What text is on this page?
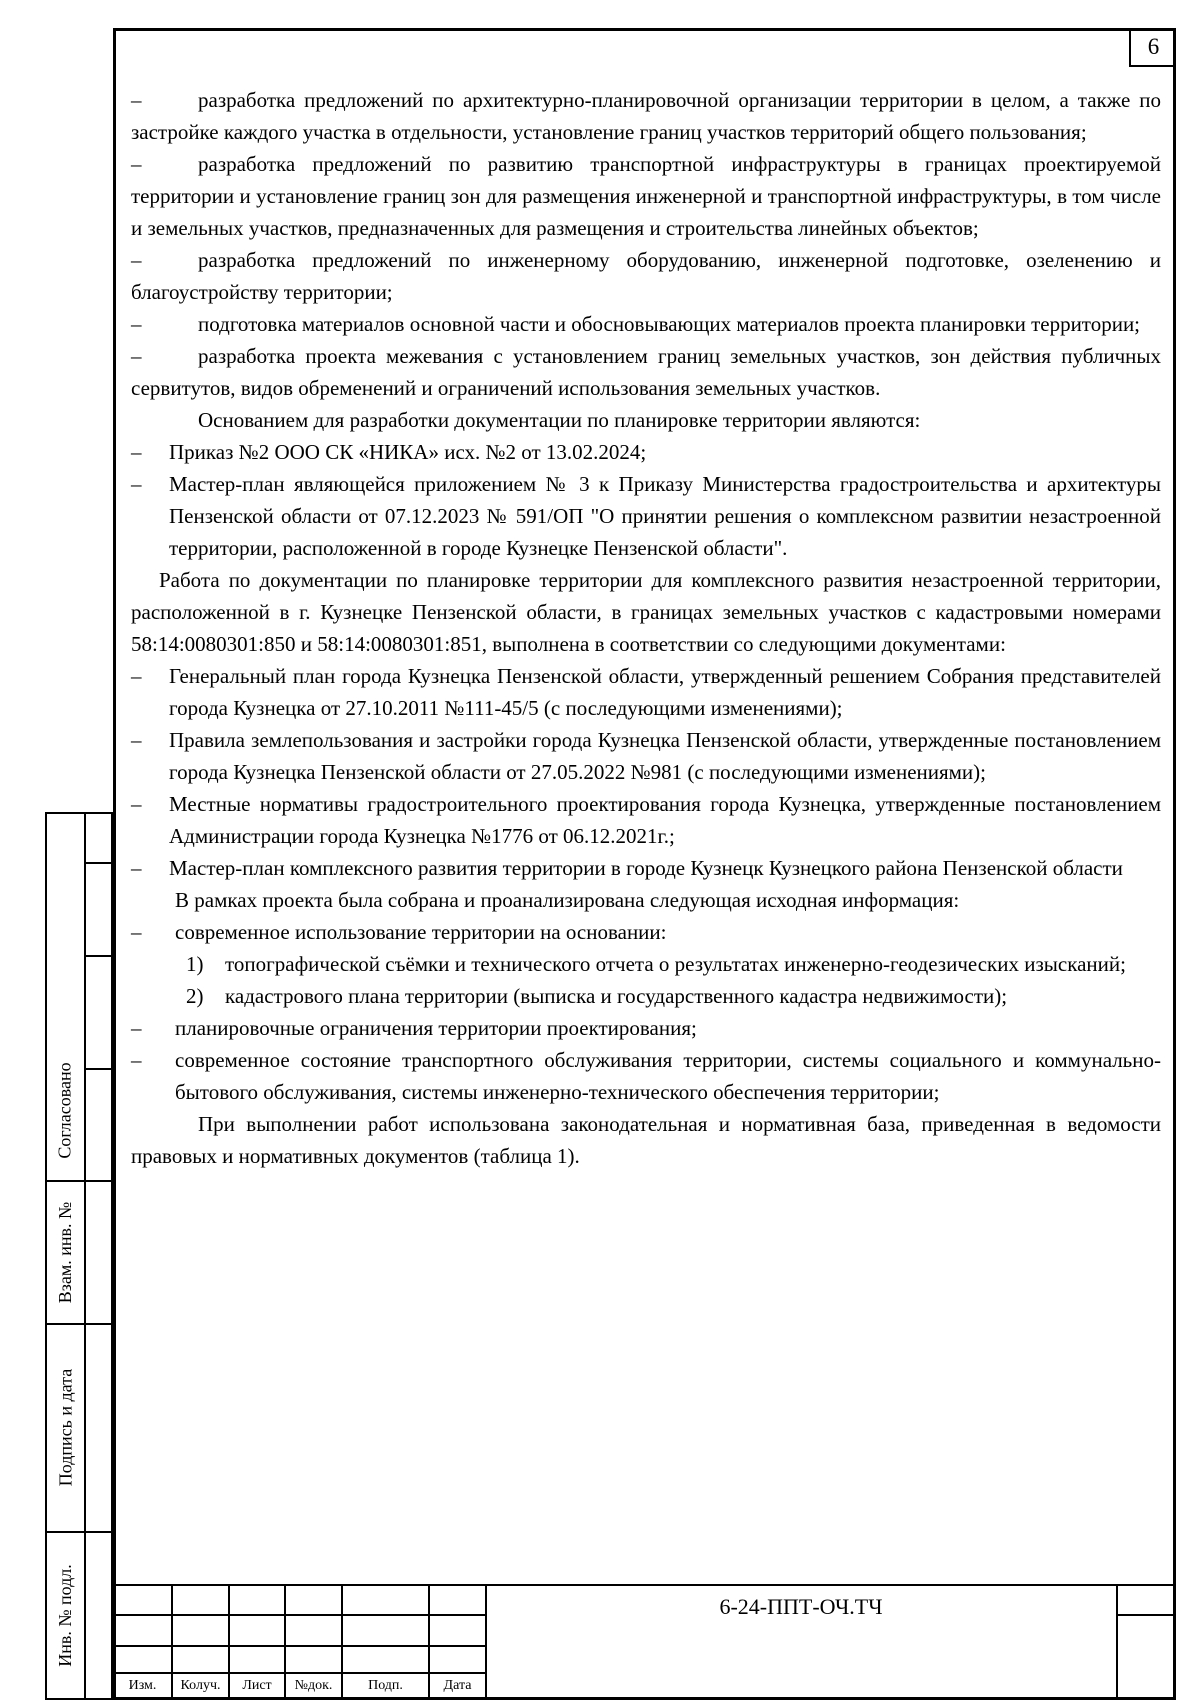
6

–	разработка предложений по архитектурно-планировочной организации территории в целом, а также по застройке каждого участка в отдельности, установление границ участков территорий общего пользования;

–	разработка предложений по развитию транспортной инфраструктуры в границах проектируемой территории и установление границ зон для размещения инженерной и транспортной инфраструктуры, в том числе и земельных участков, предназначенных для размещения и строительства линейных объектов;

–	разработка предложений по инженерному оборудованию, инженерной подготовке, озеленению и благоустройству территории;

–	подготовка материалов основной части и обосновывающих материалов проекта планировки территории;

–	разработка проекта межевания с установлением границ земельных участков, зон действия публичных сервитутов, видов обременений и ограничений использования земельных участков.

Основанием для разработки документации по планировке территории являются:

– Приказ №2 ООО СК «НИКА» исх. №2 от 13.02.2024;

– Мастер-план являющейся приложением № 3 к Приказу Министерства градостроительства и архитектуры Пензенской области от 07.12.2023 № 591/ОП "О принятии решения о комплексном развитии незастроенной территории, расположенной в городе Кузнецке Пензенской области".

Работа по документации по планировке территории для комплексного развития незастроенной территории, расположенной в г. Кузнецке Пензенской области, в границах земельных участков с кадастровыми номерами 58:14:0080301:850 и 58:14:0080301:851, выполнена в соответствии со следующими документами:

– Генеральный план города Кузнецка Пензенской области, утвержденный решением Собрания представителей города Кузнецка от 27.10.2011 №111-45/5 (с последующими изменениями);

– Правила землепользования и застройки города Кузнецка Пензенской области, утвержденные постановлением города Кузнецка Пензенской области от 27.05.2022 №981 (с последующими изменениями);

– Местные нормативы градостроительного проектирования города Кузнецка, утвержденные постановлением Администрации города Кузнецка №1776 от 06.12.2021г.;

– Мастер-план комплексного развития территории в городе Кузнецк Кузнецкого района Пензенской области

В рамках проекта была собрана и проанализирована следующая исходная информация:

– современное использование территории на основании:

1) топографической съёмки и технического отчета о результатах инженерно-геодезических изысканий;

2) кадастрового плана территории (выписка и государственного кадастра недвижимости);

– планировочные ограничения территории проектирования;

– современное состояние транспортного обслуживания территории, системы социального и коммунально-бытового обслуживания, системы инженерно-технического обеспечения территории;

При выполнении работ использована законодательная и нормативная база, приведенная в ведомости правовых и нормативных документов (таблица 1).

Согласовано
Взам. инв. №
Подпись и дата
Инв. № подл.
Изм.	Колуч.	Лист	№док.	Подп.	Дата
6-24-ППТ-ОЧ.ТЧ
